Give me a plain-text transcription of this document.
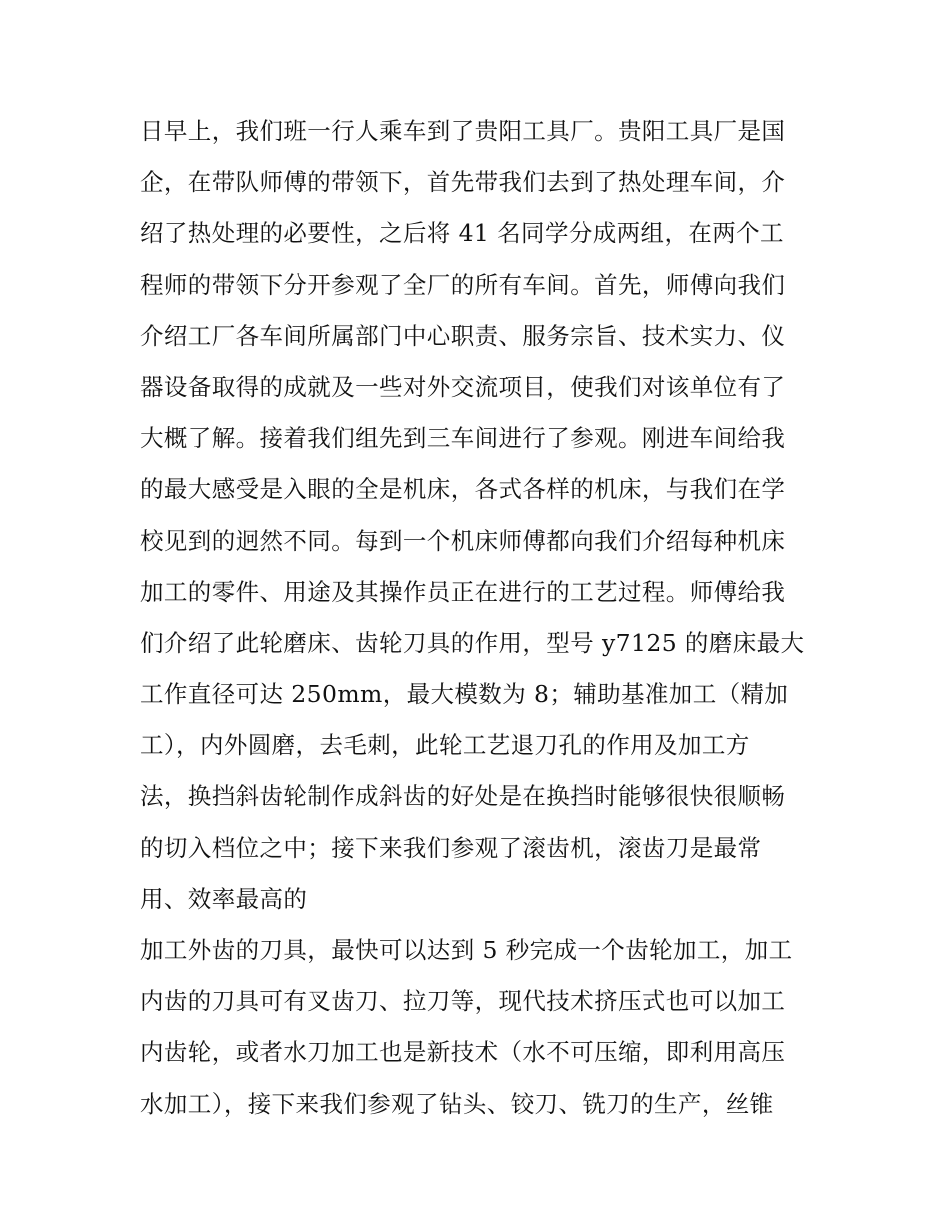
日早上，我们班一行人乘车到了贵阳工具厂。贵阳工具厂是国
企，在带队师傅的带领下，首先带我们去到了热处理车间，介
绍了热处理的必要性，之后将 41 名同学分成两组，在两个工
程师的带领下分开参观了全厂的所有车间。首先，师傅向我们
介绍工厂各车间所属部门中心职责、服务宗旨、技术实力、仪
器设备取得的成就及一些对外交流项目，使我们对该单位有了
大概了解。接着我们组先到三车间进行了参观。刚进车间给我
的最大感受是入眼的全是机床，各式各样的机床，与我们在学
校见到的迥然不同。每到一个机床师傅都向我们介绍每种机床
加工的零件、用途及其操作员正在进行的工艺过程。师傅给我
们介绍了此轮磨床、齿轮刀具的作用，型号 y7125 的磨床最大
工作直径可达 250mm，最大模数为 8；辅助基准加工（精加
工），内外圆磨，去毛刺，此轮工艺退刀孔的作用及加工方
法，换挡斜齿轮制作成斜齿的好处是在换挡时能够很快很顺畅
的切入档位之中；接下来我们参观了滚齿机，滚齿刀是最常
用、效率最高的
加工外齿的刀具，最快可以达到 5 秒完成一个齿轮加工，加工
内齿的刀具可有叉齿刀、拉刀等，现代技术挤压式也可以加工
内齿轮，或者水刀加工也是新技术（水不可压缩，即利用高压
水加工），接下来我们参观了钻头、铰刀、铣刀的生产，丝锥
